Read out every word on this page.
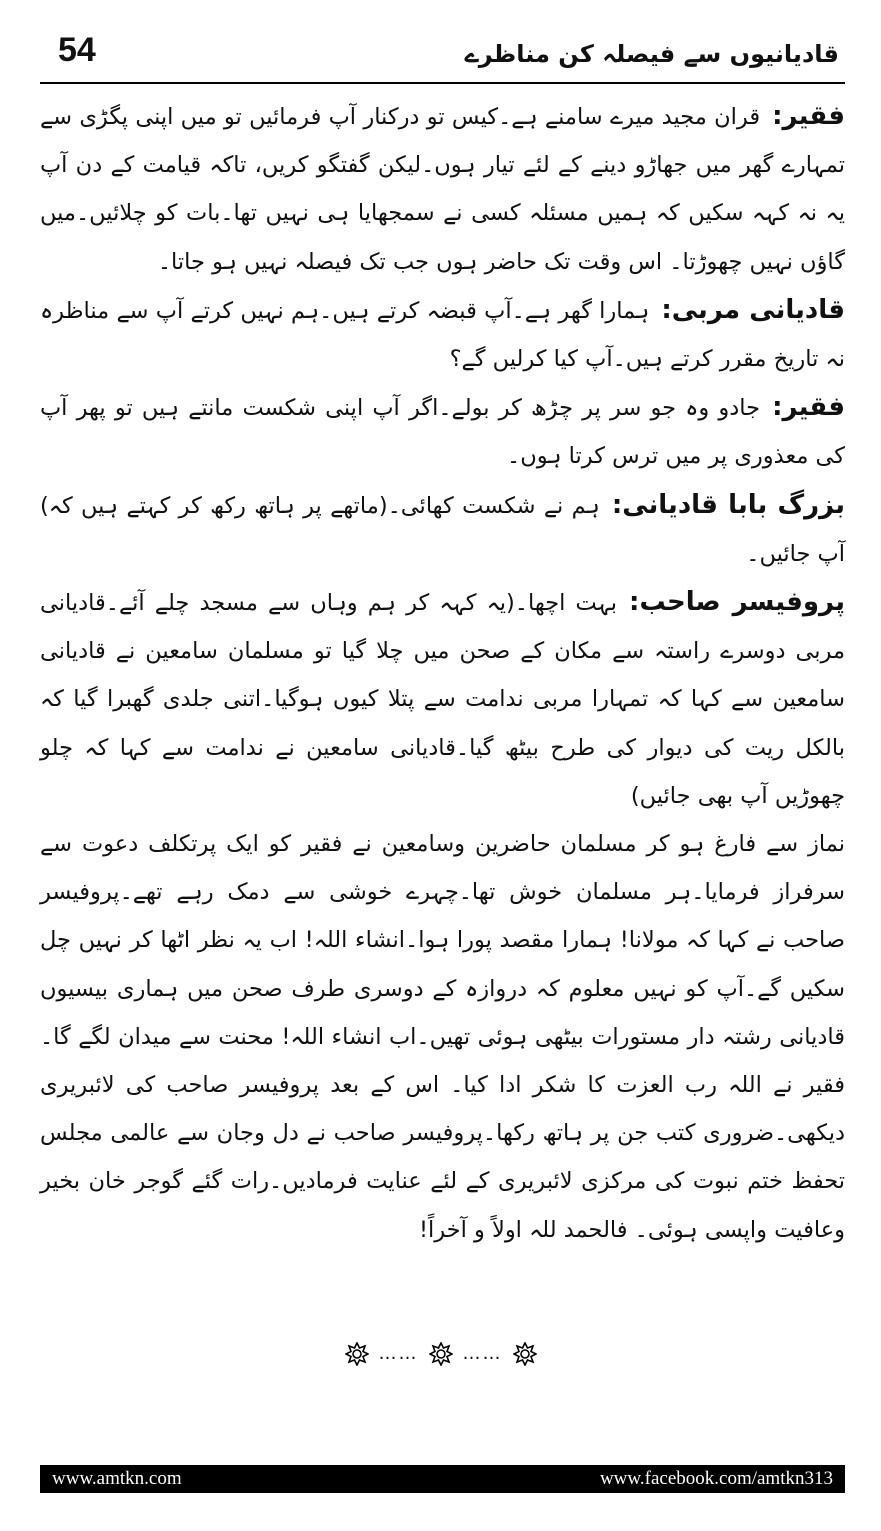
54	قادیانیوں سے فیصلہ کن مناظرے

فقیر:قران مجید میرے سامنے ہے۔کیس تو درکنار آپ فرمائیں تو میں اپنی پگڑی سے تمہارے گھر میں جھاڑو دینے کے لئے تیار ہوں۔لیکن گفتگو کریں، تاکہ قیامت کے دن آپ یہ نہ کہہ سکیں کہ ہمیں مسئلہ کسی نے سمجھایا ہی نہیں تھا۔بات کو چلائیں۔میں گاؤں نہیں چھوڑتا۔ اس وقت تک حاضر ہوں جب تک فیصلہ نہیں ہو جاتا۔

قادیانی مربی:ہمارا گھر ہے۔آپ قبضہ کرتے ہیں۔ہم نہیں کرتے آپ سے مناظرہ نہ تاریخ مقرر کرتے ہیں۔آپ کیا کرلیں گے؟

فقیر:جادو وہ جو سر پر چڑھ کر بولے۔اگر آپ اپنی شکست مانتے ہیں تو پھر آپ کی معذوری پر میں ترس کرتا ہوں۔

بزرگ بابا قادیانی:ہم نے شکست کھائی۔(ماتھے پر ہاتھ رکھ کر کہتے ہیں کہ) آپ جائیں۔

پروفیسر صاحب:بہت اچھا۔(یہ کہہ کر ہم وہاں سے مسجد چلے آئے۔قادیانی مربی دوسرے راستہ سے مکان کے صحن میں چلا گیا تو مسلمان سامعین نے قادیانی سامعین سے کہا کہ تمہارا مربی ندامت سے پتلا کیوں ہوگیا۔اتنی جلدی گھبرا گیا کہ بالکل ریت کی دیوار کی طرح بیٹھ گیا۔قادیانی سامعین نے ندامت سے کہا کہ چلو چھوڑیں آپ بھی جائیں)

نماز سے فارغ ہو کر مسلمان حاضرین وسامعین نے فقیر کو ایک پرتکلف دعوت سے سرفراز فرمایا۔ہر مسلمان خوش تھا۔چہرے خوشی سے دمک رہے تھے۔پروفیسر صاحب نے کہا کہ مولانا! ہمارا مقصد پورا ہوا۔انشاء اللہ! اب یہ نظر اٹھا کر نہیں چل سکیں گے۔آپ کو نہیں معلوم کہ دروازہ کے دوسری طرف صحن میں ہماری بیسیوں قادیانی رشتہ دار مستورات بیٹھی ہوئی تھیں۔اب انشاء اللہ! محنت سے میدان لگے گا۔فقیر نے اللہ رب العزت کا شکر ادا کیا۔ اس کے بعد پروفیسر صاحب کی لائبریری دیکھی۔ضروری کتب جن پر ہاتھ رکھا۔پروفیسر صاحب نے دل وجان سے عالمی مجلس تحفظ ختم نبوت کی مرکزی لائبریری کے لئے عنایت فرمادیں۔رات گئے گوجر خان بخیر وعافیت واپسی ہوئی۔ فالحمد للہ اولاً و آخراً!

…… ……
www.amtkn.com	www.facebook.com/amtkn313
